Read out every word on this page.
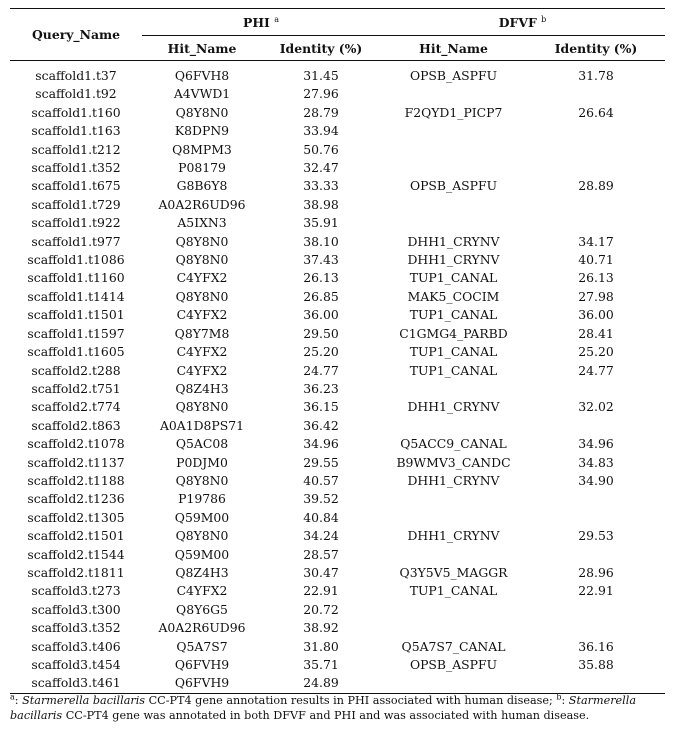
Query_Name	PHI $^a$		DFVF $^b$
	Hit_Name	Identity (%)	Hit_Name	Identity (%)
scaffold1.t37	Q6FVH8	31.45	OPSB_ASPFU	31.78
scaffold1.t92	A4VWD1	27.96		
scaffold1.t160	Q8Y8N0	28.79	F2QYD1_PICP7	26.64
scaffold1.t163	K8DPN9	33.94		
scaffold1.t212	Q8MPM3	50.76		
scaffold1.t352	P08179	32.47		
scaffold1.t675	G8B6Y8	33.33	OPSB_ASPFU	28.89
scaffold1.t729	A0A2R6UD96	38.98		
scaffold1.t922	A5IXN3	35.91		
scaffold1.t977	Q8Y8N0	38.10	DHH1_CRYNV	34.17
scaffold1.t1086	Q8Y8N0	37.43	DHH1_CRYNV	40.71
scaffold1.t1160	C4YFX2	26.13	TUP1_CANAL	26.13
scaffold1.t1414	Q8Y8N0	26.85	MAK5_COCIM	27.98
scaffold1.t1501	C4YFX2	36.00	TUP1_CANAL	36.00
scaffold1.t1597	Q8Y7M8	29.50	C1GMG4_PARBD	28.41
scaffold1.t1605	C4YFX2	25.20	TUP1_CANAL	25.20
scaffold2.t288	C4YFX2	24.77	TUP1_CANAL	24.77
scaffold2.t751	Q8Z4H3	36.23		
scaffold2.t774	Q8Y8N0	36.15	DHH1_CRYNV	32.02
scaffold2.t863	A0A1D8PS71	36.42		
scaffold2.t1078	Q5AC08	34.96	Q5ACC9_CANAL	34.96
scaffold2.t1137	P0DJM0	29.55	B9WMV3_CANDC	34.83
scaffold2.t1188	Q8Y8N0	40.57	DHH1_CRYNV	34.90
scaffold2.t1236	P19786	39.52		
scaffold2.t1305	Q59M00	40.84		
scaffold2.t1501	Q8Y8N0	34.24	DHH1_CRYNV	29.53
scaffold2.t1544	Q59M00	28.57		
scaffold2.t1811	Q8Z4H3	30.47	Q3Y5V5_MAGGR	28.96
scaffold3.t273	C4YFX2	22.91	TUP1_CANAL	22.91
scaffold3.t300	Q8Y6G5	20.72		
scaffold3.t352	A0A2R6UD96	38.92		
scaffold3.t406	Q5A7S7	31.80	Q5A7S7_CANAL	36.16
scaffold3.t454	Q6FVH9	35.71	OPSB_ASPFU	35.88
scaffold3.t461	Q6FVH9	24.89		
$^a$: Starmerella bacillaris CC-PT4 gene annotation results in PHI associated with human disease; $^b$: Starmerella bacillaris CC-PT4 gene was annotated in both DFVF and PHI and was associated with human disease.
